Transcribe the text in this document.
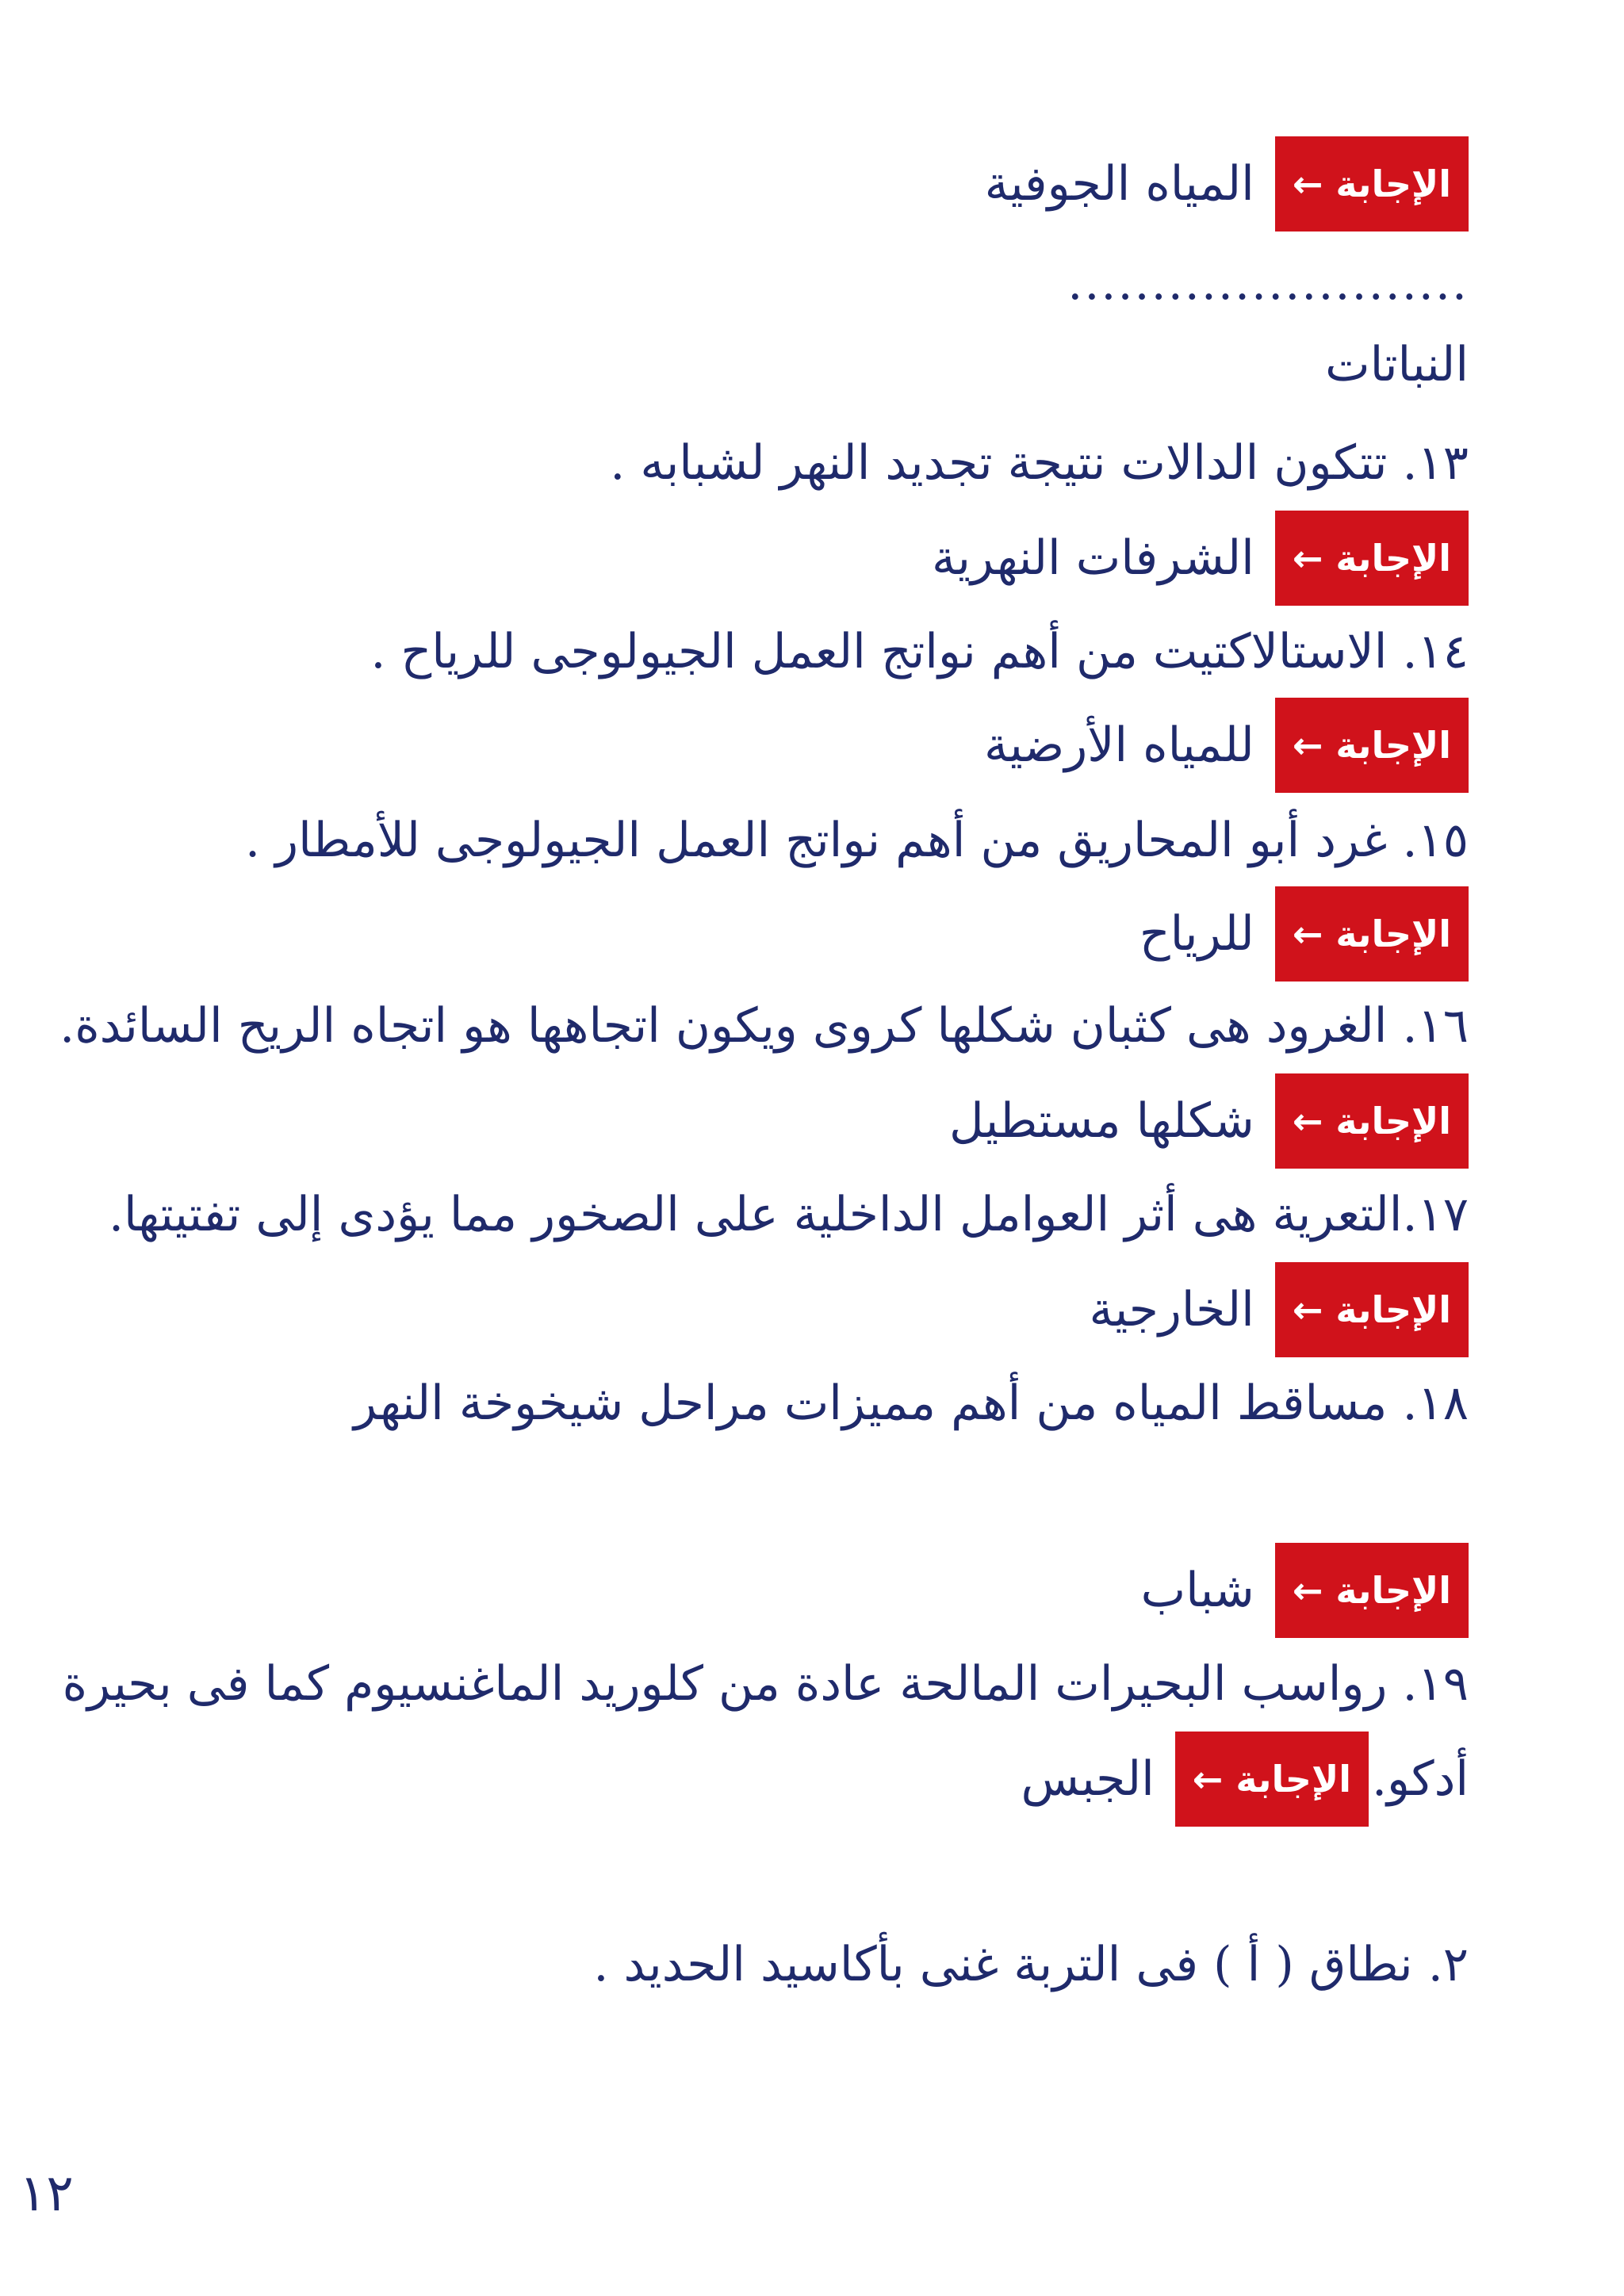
الإجابة ←
المياه الجوفية
........................
النباتات
١٣. تتكون الدالات نتيجة تجديد النهر لشبابه .
الإجابة ←
الشرفات النهرية
١٤. الاستالاكتيت من أهم نواتج العمل الجيولوجى للرياح .
الإجابة ←
للمياه الأرضية
١٥. غرد أبو المحاريق من أهم نواتج العمل الجيولوجى للأمطار .
الإجابة ←
للرياح
١٦. الغرود هى كثبان شكلها كروى ويكون اتجاهها هو اتجاه الريح السائدة.
الإجابة ←
شكلها مستطيل
١٧.التعرية هى أثر العوامل الداخلية على الصخور مما يؤدى إلى تفتيتها.
الإجابة ←
الخارجية
١٨. مساقط المياه من أهم مميزات مراحل شيخوخة النهر
الإجابة ←
شباب
١٩. رواسب البحيرات المالحة عادة من كلوريد الماغنسيوم كما فى بحيرة
أدكو.
الإجابة ←
الجبس
٢. نطاق ( أ ) فى التربة غنى بأكاسيد الحديد .
١٢
